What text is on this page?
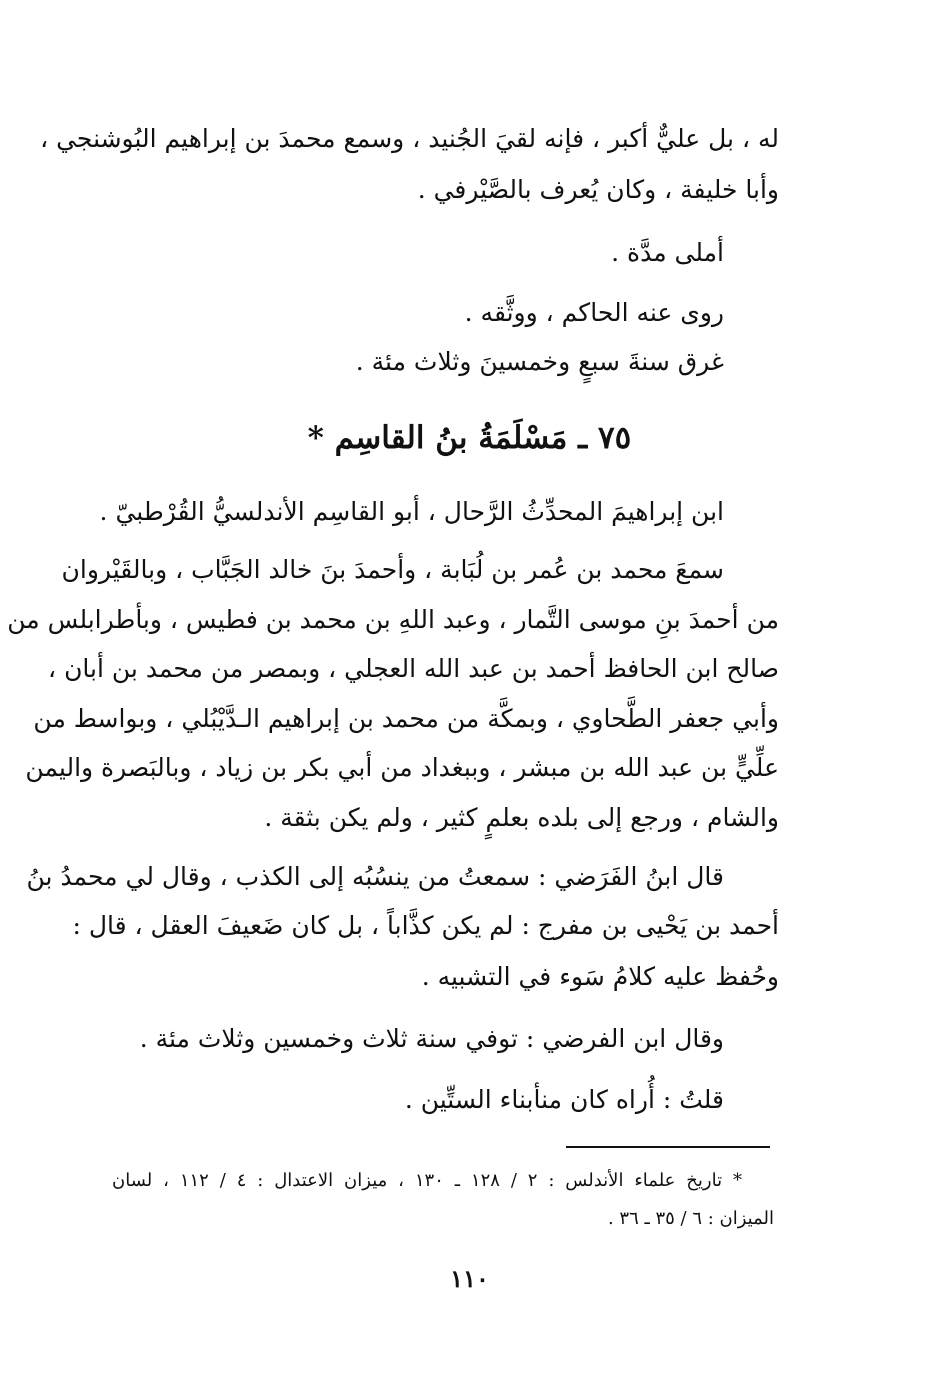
له ، بل عليٌّ أكبر ، فإنه لقيَ الجُنيد ، وسمع محمدَ بن إبراهيم البُوشنجي ،
وأبا خليفة ، وكان يُعرف بالصَّيْرفي .
أملى مدَّة .
روى عنه الحاكم ، ووثَّقه .
غرق سنةَ سبعٍ وخمسينَ وثلاث مئة .
٧٥ ـ مَسْلَمَةُ بنُ القاسِم *
ابن إبراهيمَ المحدِّثُ الرَّحال ، أبو القاسِم الأندلسيُّ القُرْطبيّ .
سمعَ محمد بن عُمر بن لُبَابة ، وأحمدَ بنَ خالد الجَبَّاب ، وبالقَيْروان
من أحمدَ بنِ موسى التَّمار ، وعبد اللهِ بن محمد بن فطيس ، وبأطرابلس من
صالح ابن الحافظ أحمد بن عبد الله العجلي ، وبمصر من محمد بن أبان ،
وأبي جعفر الطَّحاوي ، وبمكَّة من محمد بن إبراهيم الـدَّيْبُلي ، وبواسط من
علِّيٍّ بن عبد الله بن مبشر ، وببغداد من أبي بكر بن زياد ، وبالبَصرة واليمن
والشام ، ورجع إلى بلده بعلمٍ كثير ، ولم يكن بثقة .
قال ابنُ الفَرَضي : سمعتُ من ينسُبُه إلى الكذب ، وقال لي محمدُ بنُ
أحمد بن يَحْيى بن مفرج : لم يكن كذَّاباً ، بل كان ضَعيفَ العقل ، قال :
وحُفظ عليه كلامُ سَوء في التشبيه .
وقال ابن الفرضي : توفي سنة ثلاث وخمسين وثلاث مئة .
قلتُ : أُراه كان منأبناء الستِّين .
* تاريخ علماء الأندلس : ٢ / ١٢٨ ـ ١٣٠ ، ميزان الاعتدال : ٤ / ١١٢ ، لسان
الميزان : ٦ / ٣٥ ـ ٣٦ .
١١٠
